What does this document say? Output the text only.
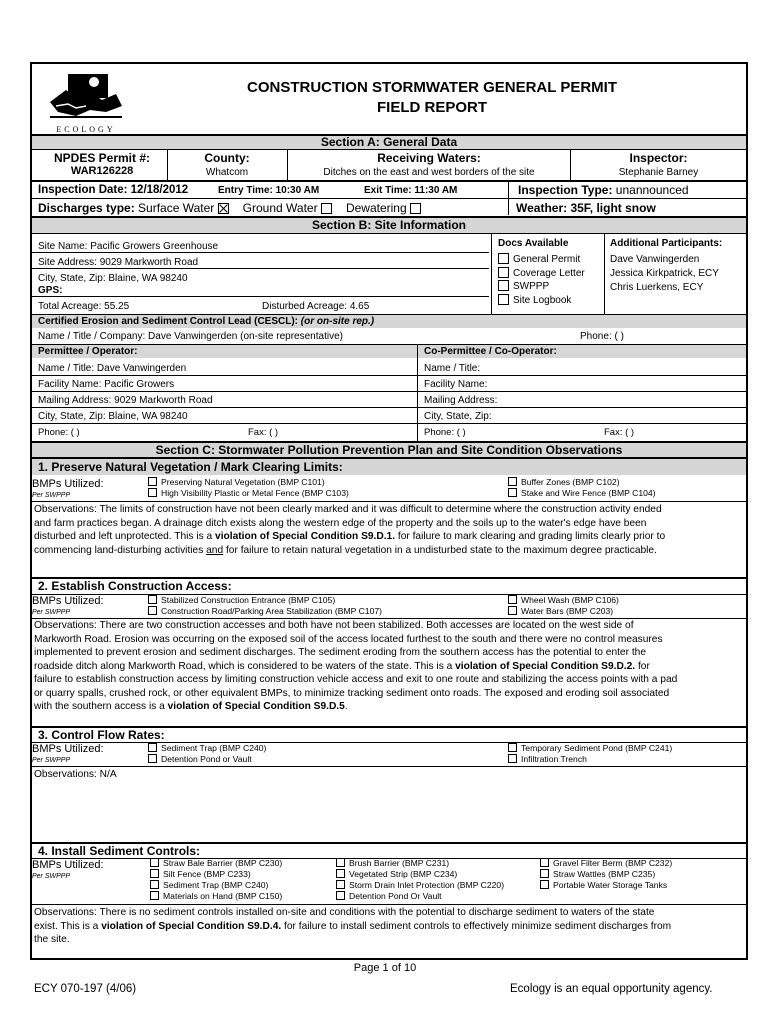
ECOLOGY
CONSTRUCTION STORMWATER GENERAL PERMIT
FIELD REPORT
Section A: General Data
NPDES Permit #:
WAR126228
County:
Whatcom
Receiving Waters:
Ditches on the east and west borders of the site
Inspector:
Stephanie Barney
Inspection Date: 12/18/2012	Entry Time: 10:30 AM	Exit Time: 11:30 AM	Inspection Type: unannounced
Discharges type: Surface Water Ground Water Dewatering	Weather: 35F, light snow
Section B: Site Information
Site Name: Pacific Growers Greenhouse
Site Address: 9029 Markworth Road
City, State, Zip: Blaine, WA 98240
GPS:
Total Acreage: 55.25	Disturbed Acreage: 4.65
Docs Available
General Permit
Coverage Letter
SWPPP
Site Logbook
Additional Participants:
Dave Vanwingerden
Jessica Kirkpatrick, ECY
Chris Luerkens, ECY
Certified Erosion and Sediment Control Lead (CESCL): (or on-site rep.)
Name / Title / Company: Dave Vanwingerden (on-site representative)	Phone: ( )
Permittee / Operator:	Co-Permittee / Co-Operator:
Name / Title: Dave Vanwingerden
Facility Name: Pacific Growers
Mailing Address: 9029 Markworth Road
City, State, Zip: Blaine, WA 98240
Phone: ( )	Fax: ( )
Name / Title:
Facility Name:
Mailing Address:
City, State, Zip:
Phone: ( )	Fax: ( )
Section C: Stormwater Pollution Prevention Plan and Site Condition Observations
1. Preserve Natural Vegetation / Mark Clearing Limits:
BMPs Utilized:
Per SWPPP
Preserving Natural Vegetation (BMP C101)
High Visibility Plastic or Metal Fence (BMP C103)
Buffer Zones (BMP C102)
Stake and Wire Fence (BMP C104)
Observations: The limits of construction have not been clearly marked and it was difficult to determine where the construction activity ended
and farm practices began. A drainage ditch exists along the western edge of the property and the soils up to the water's edge have been
disturbed and left unprotected. This is a violation of Special Condition S9.D.1. for failure to mark clearing and grading limits clearly prior to
commencing land-disturbing activities and for failure to retain natural vegetation in a undisturbed state to the maximum degree practicable.
2. Establish Construction Access:
BMPs Utilized:
Per SWPPP
Stabilized Construction Entrance (BMP C105)
Construction Road/Parking Area Stabilization (BMP C107)
Wheel Wash (BMP C106)
Water Bars (BMP C203)
Observations: There are two construction accesses and both have not been stabilized. Both accesses are located on the west side of
Markworth Road. Erosion was occurring on the exposed soil of the access located furthest to the south and there were no control measures
implemented to prevent erosion and sediment discharges. The sediment eroding from the southern access has the potential to enter the
roadside ditch along Markworth Road, which is considered to be waters of the state. This is a violation of Special Condition S9.D.2. for
failure to establish construction access by limiting construction vehicle access and exit to one route and stabilizing the access points with a pad
or quarry spalls, crushed rock, or other equivalent BMPs, to minimize tracking sediment onto roads. The exposed and eroding soil associated
with the southern access is a violation of Special Condition S9.D.5.
3. Control Flow Rates:
BMPs Utilized:
Per SWPPP
Sediment Trap (BMP C240)
Detention Pond or Vault
Temporary Sediment Pond (BMP C241)
Infiltration Trench
Observations: N/A
4. Install Sediment Controls:
BMPs Utilized:
Per SWPPP
Straw Bale Barrier (BMP C230)
Silt Fence (BMP C233)
Sediment Trap (BMP C240)
Materials on Hand (BMP C150)
Brush Barrier (BMP C231)
Vegetated Strip (BMP C234)
Storm Drain Inlet Protection (BMP C220)
Detention Pond Or Vault
Gravel Filter Berm (BMP C232)
Straw Wattles (BMP C235)
Portable Water Storage Tanks
Observations: There is no sediment controls installed on-site and conditions with the potential to discharge sediment to waters of the state
exist. This is a violation of Special Condition S9.D.4. for failure to install sediment controls to effectively minimize sediment discharges from
the site.
Page 1 of 10
ECY 070-197 (4/06)	Ecology is an equal opportunity agency.
